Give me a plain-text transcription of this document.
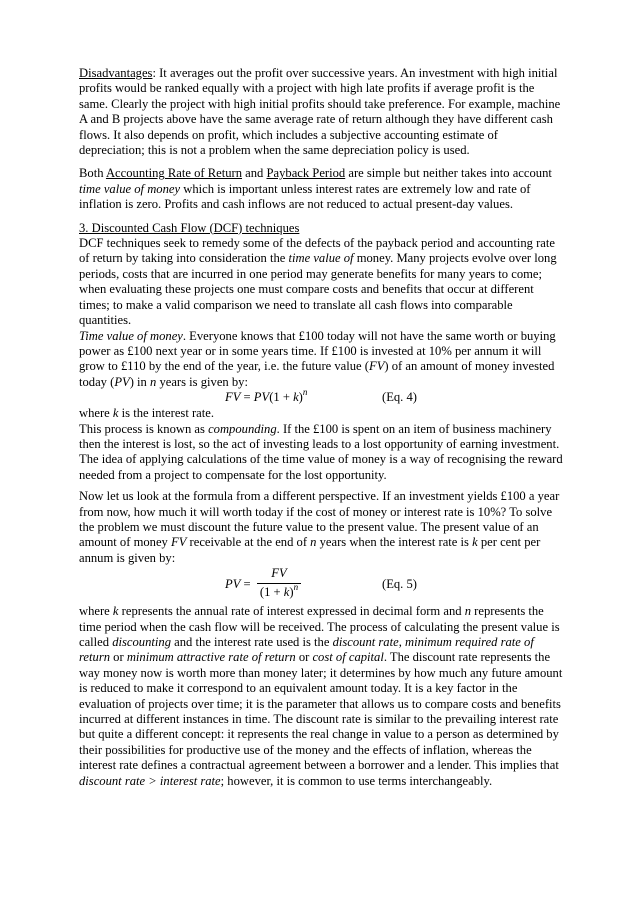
Disadvantages: It averages out the profit over successive years. An investment with high initial profits would be ranked equally with a project with high late profits if average profit is the same. Clearly the project with high initial profits should take preference. For example, machine A and B projects above have the same average rate of return although they have different cash flows. It also depends on profit, which includes a subjective accounting estimate of depreciation; this is not a problem when the same depreciation policy is used.

Both Accounting Rate of Return and Payback Period are simple but neither takes into account time value of money which is important unless interest rates are extremely low and rate of inflation is zero. Profits and cash inflows are not reduced to actual present-day values.

3. Discounted Cash Flow (DCF) techniques

DCF techniques seek to remedy some of the defects of the payback period and accounting rate of return by taking into consideration the time value of money. Many projects evolve over long periods, costs that are incurred in one period may generate benefits for many years to come; when evaluating these projects one must compare costs and benefits that occur at different times; to make a valid comparison we need to translate all cash flows into comparable quantities.

Time value of money. Everyone knows that £100 today will not have the same worth or buying power as £100 next year or in some years time. If £100 is invested at 10% per annum it will grow to £110 by the end of the year, i.e. the future value (FV) of an amount of money invested today (PV) in n years is given by:

FV = $PV(1 + k)^n$	(Eq. 4)

where k is the interest rate.

This process is known as compounding. If the £100 is spent on an item of business machinery then the interest is lost, so the act of investing leads to a lost opportunity of earning investment. The idea of applying calculations of the time value of money is a way of recognising the reward needed from a project to compensate for the lost opportunity.

Now let us look at the formula from a different perspective. If an investment yields £100 a year from now, how much it will worth today if the cost of money or interest rate is 10%? To solve the problem we must discount the future value to the present value. The present value of an amount of money FV receivable at the end of n years when the interest rate is k per cent per annum is given by:

PV =
FV
$(1 + k)^n$	(Eq. 5)

where k represents the annual rate of interest expressed in decimal form and n represents the time period when the cash flow will be received. The process of calculating the present value is called discounting and the interest rate used is the discount rate, minimum required rate of return or minimum attractive rate of return or cost of capital. The discount rate represents the way money now is worth more than money later; it determines by how much any future amount is reduced to make it correspond to an equivalent amount today. It is a key factor in the evaluation of projects over time; it is the parameter that allows us to compare costs and benefits incurred at different instances in time. The discount rate is similar to the prevailing interest rate but quite a different concept: it represents the real change in value to a person as determined by their possibilities for productive use of the money and the effects of inflation, whereas the interest rate defines a contractual agreement between a borrower and a lender. This implies that discount rate > interest rate; however, it is common to use terms interchangeably.
